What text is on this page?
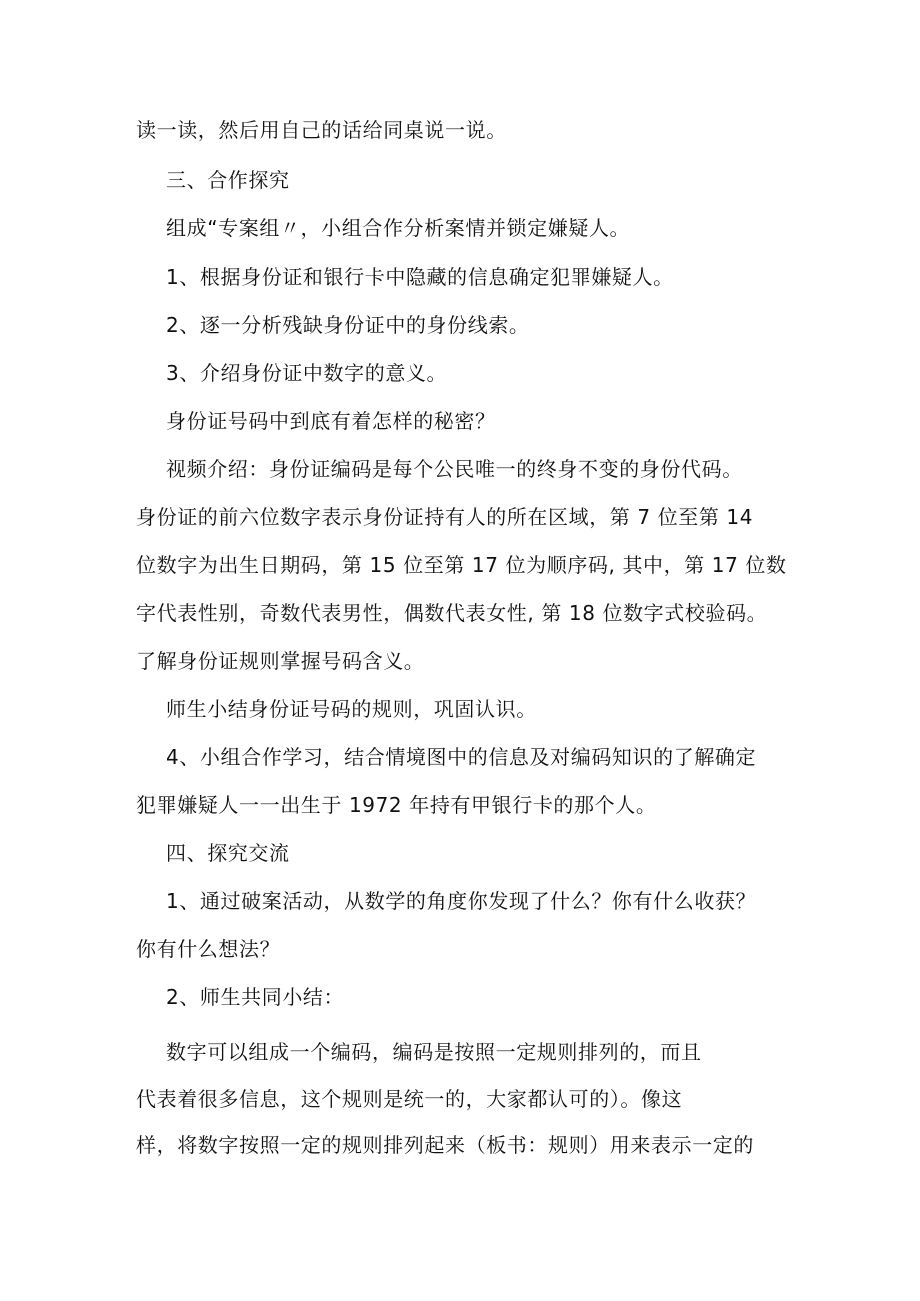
读一读，然后用自己的话给同桌说一说。
三、合作探究
组成“专案组〃，小组合作分析案情并锁定嫌疑人。
1、根据身份证和银行卡中隐藏的信息确定犯罪嫌疑人。
2、逐一分析残缺身份证中的身份线索。
3、介绍身份证中数字的意义。
身份证号码中到底有着怎样的秘密？
视频介绍：身份证编码是每个公民唯一的终身不变的身份代码。
身份证的前六位数字表示身份证持有人的所在区域，第 7 位至第 14
位数字为出生日期码，第 15 位至第 17 位为顺序码, 其中，第 17 位数
字代表性别，奇数代表男性，偶数代表女性, 第 18 位数字式校验码。
了解身份证规则掌握号码含义。
师生小结身份证号码的规则，巩固认识。
4、小组合作学习，结合情境图中的信息及对编码知识的了解确定
犯罪嫌疑人一一出生于 1972 年持有甲银行卡的那个人。
四、探究交流
1、通过破案活动，从数学的角度你发现了什么？你有什么收获？
你有什么想法？
2、师生共同小结：
数字可以组成一个编码，编码是按照一定规则排列的，而且
代表着很多信息，这个规则是统一的，大家都认可的）。像这
样，将数字按照一定的规则排列起来（板书：规则）用来表示一定的
